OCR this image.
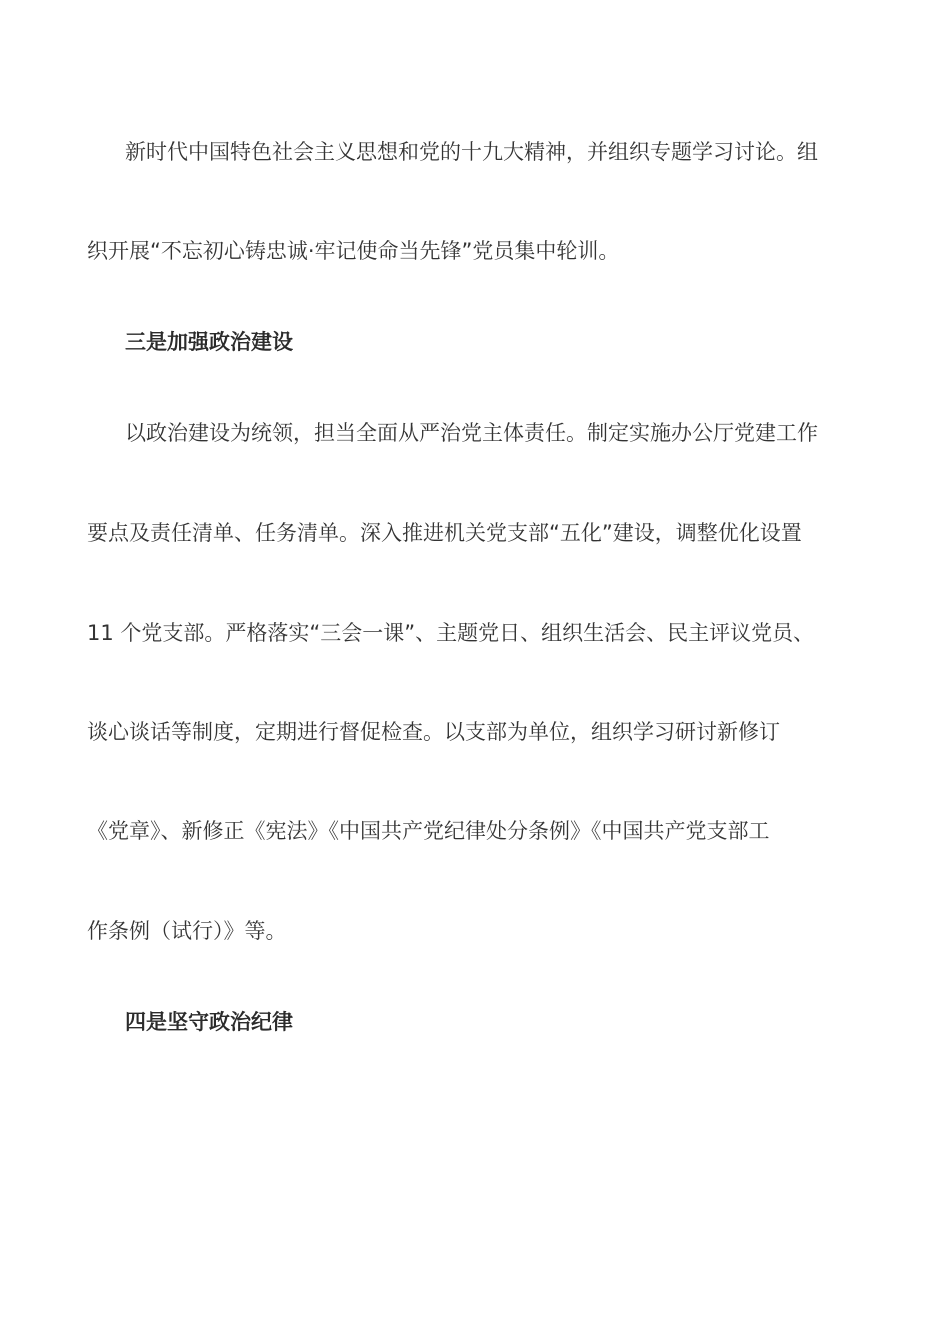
新时代中国特色社会主义思想和党的十九大精神，并组织专题学习讨论。组
织开展“不忘初心铸忠诚·牢记使命当先锋”党员集中轮训。
三是加强政治建设
以政治建设为统领，担当全面从严治党主体责任。制定实施办公厅党建工作
要点及责任清单、任务清单。深入推进机关党支部“五化”建设，调整优化设置
11 个党支部。严格落实“三会一课”、主题党日、组织生活会、民主评议党员、
谈心谈话等制度，定期进行督促检查。以支部为单位，组织学习研讨新修订
《党章》、新修正《宪法》《中国共产党纪律处分条例》《中国共产党支部工
作条例（试行）》等。
四是坚守政治纪律
